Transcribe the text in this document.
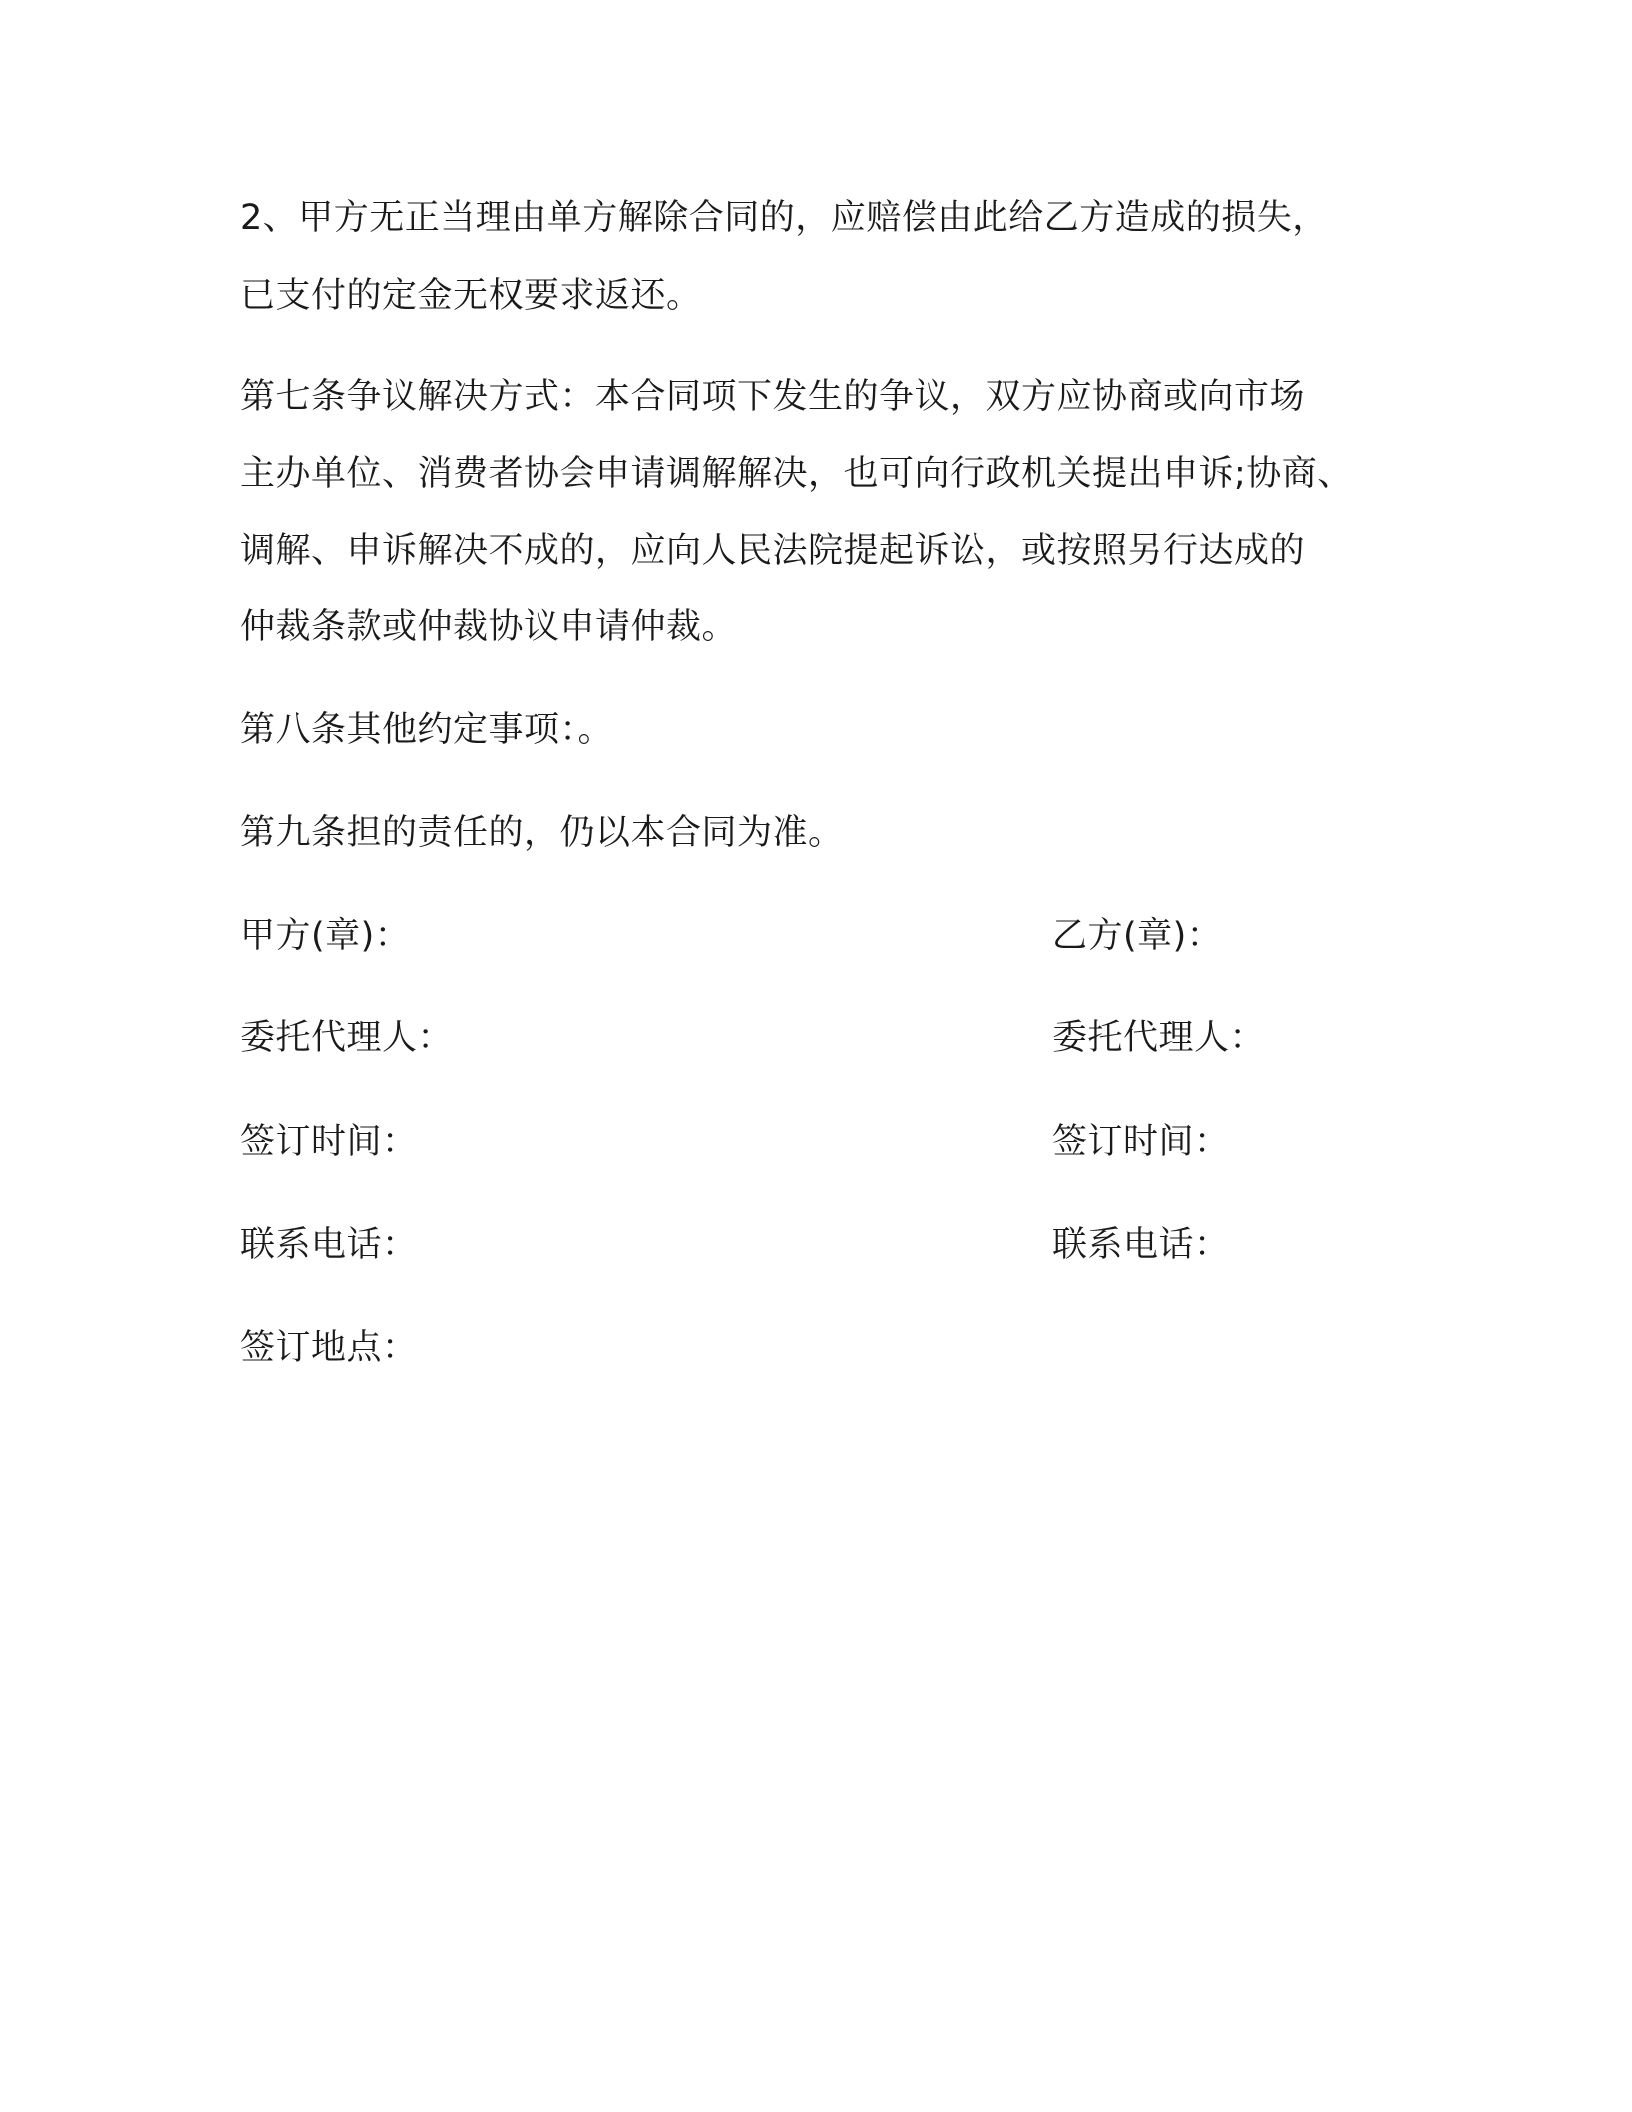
2、甲方无正当理由单方解除合同的，应赔偿由此给乙方造成的损失，
已支付的定金无权要求返还。
第七条争议解决方式：本合同项下发生的争议，双方应协商或向市场
主办单位、消费者协会申请调解解决，也可向行政机关提出申诉;协商、
调解、申诉解决不成的，应向人民法院提起诉讼，或按照另行达成的
仲裁条款或仲裁协议申请仲裁。
第八条其他约定事项：。
第九条担的责任的，仍以本合同为准。
甲方(章)：	乙方(章)：
委托代理人：	委托代理人：
签订时间：	签订时间：
联系电话：	联系电话：
签订地点：
